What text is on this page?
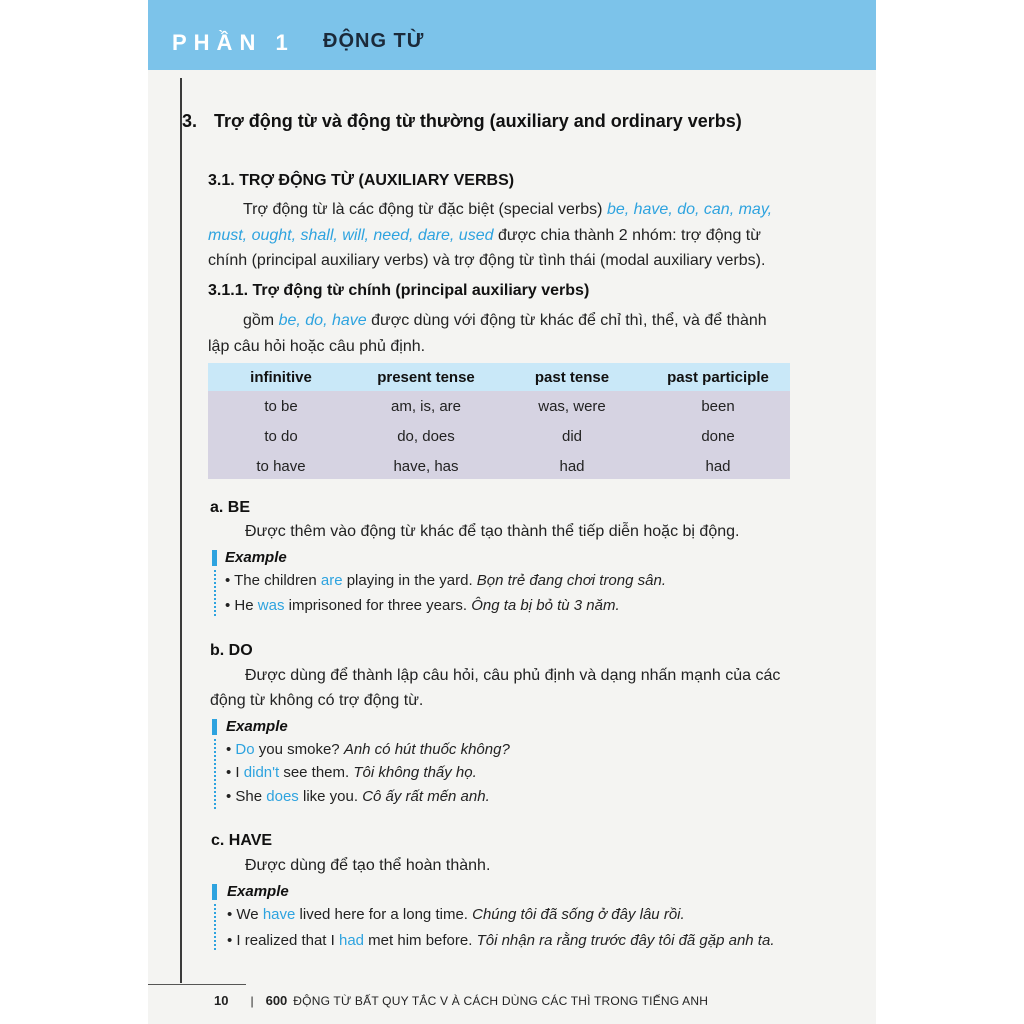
PHẦN 1 ĐỘNG TỪ
3. Trợ động từ và động từ thường (auxiliary and ordinary verbs)
3.1. TRỢ ĐỘNG TỪ (AUXILIARY VERBS)
Trợ động từ là các động từ đặc biệt (special verbs) be, have, do, can, may,
must, ought, shall, will, need, dare, used được chia thành 2 nhóm: trợ động từ
chính (principal auxiliary verbs) và trợ động từ tình thái (modal auxiliary verbs).
3.1.1. Trợ động từ chính (principal auxiliary verbs)
gồm be, do, have được dùng với động từ khác để chỉ thì, thể, và để thành
lập câu hỏi hoặc câu phủ định.
infinitive	present tense	past tense	past participle
to be	am, is, are	was, were	been
to do	do, does	did	done
to have	have, has	had	had
a. BE
Được thêm vào động từ khác để tạo thành thể tiếp diễn hoặc bị động.
Example
• The children are playing in the yard. Bọn trẻ đang chơi trong sân.
• He was imprisoned for three years. Ông ta bị bỏ tù 3 năm.
b. DO
Được dùng để thành lập câu hỏi, câu phủ định và dạng nhấn mạnh của các
động từ không có trợ động từ.
Example
• Do you smoke? Anh có hút thuốc không?
• I didn't see them. Tôi không thấy họ.
• She does like you. Cô ấy rất mến anh.
c. HAVE
Được dùng để tạo thể hoàn thành.
Example
• We have lived here for a long time. Chúng tôi đã sống ở đây lâu rồi.
• I realized that I had met him before. Tôi nhận ra rằng trước đây tôi đã gặp anh ta.
10 | 600 ĐỘNG TỪ BẤT QUY TẮC V À CÁCH DÙNG CÁC THÌ TRONG TIẾNG ANH
